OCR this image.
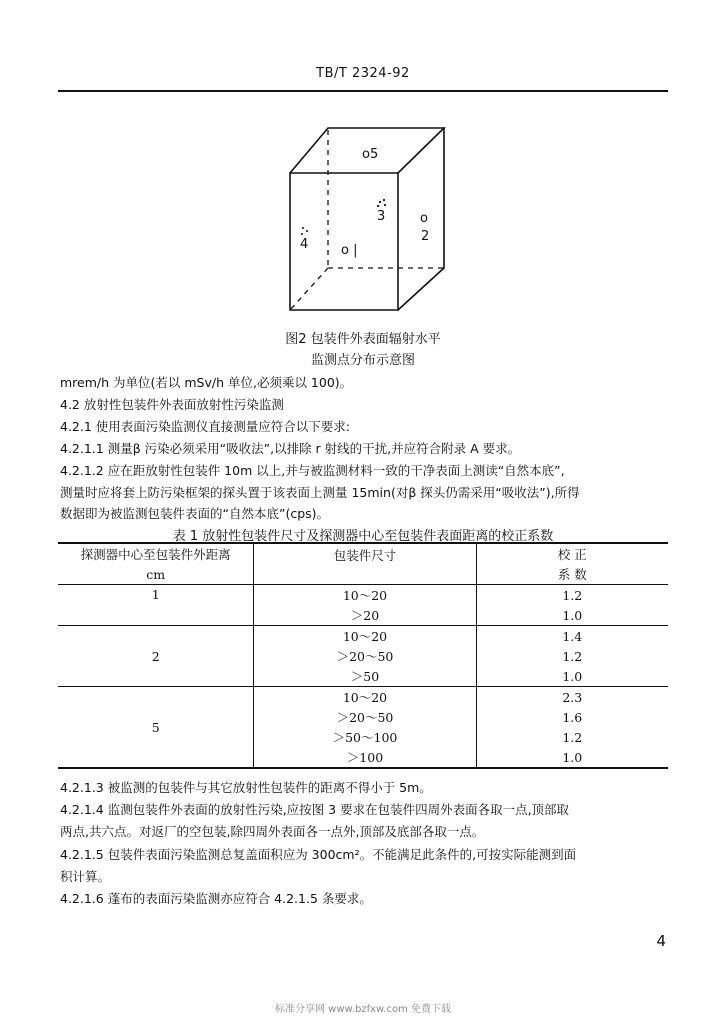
TB/T 2324-92
o5
3	o
2
4	o |
图2 包装件外表面辐射水平
监测点分布示意图
mrem/h 为单位(若以 mSv/h 单位,必须乘以 100)。
4.2 放射性包装件外表面放射性污染监测
4.2.1 使用表面污染监测仪直接测量应符合以下要求:
4.2.1.1 测量β 污染必须采用“吸收法”,以排除 r 射线的干扰,并应符合附录 A 要求。
4.2.1.2 应在距放射性包装件 10m 以上,并与被监测材料一致的干净表面上测读“自然本底”,
测量时应将套上防污染框架的探头置于该表面上测量 15min(对β 探头仍需采用“吸收法”),所得
数据即为被监测包装件表面的“自然本底”(cps)。
表 1 放射性包装件尺寸及探测器中心至包装件表面距离的校正系数
探测器中心至包装件外距离	包装件尺寸	校 正
cm		系 数
1	10～20	1.2
	＞20	1.0
2	10～20	1.4
	＞20～50	1.2
	＞50	1.0
5	10～20	2.3
	＞20～50	1.6
	＞50～100	1.2
	＞100	1.0
4.2.1.3 被监测的包装件与其它放射性包装件的距离不得小于 5m。
4.2.1.4 监测包装件外表面的放射性污染,应按图 3 要求在包装件四周外表面各取一点,顶部取
两点,共六点。对返厂的空包装,除四周外表面各一点外,顶部及底部各取一点。
4.2.1.5 包装件表面污染监测总复盖面积应为 300cm²。不能满足此条件的,可按实际能测到面
积计算。
4.2.1.6 蓬布的表面污染监测亦应符合 4.2.1.5 条要求。
4
标准分享网 www.bzfxw.com 免费下载
